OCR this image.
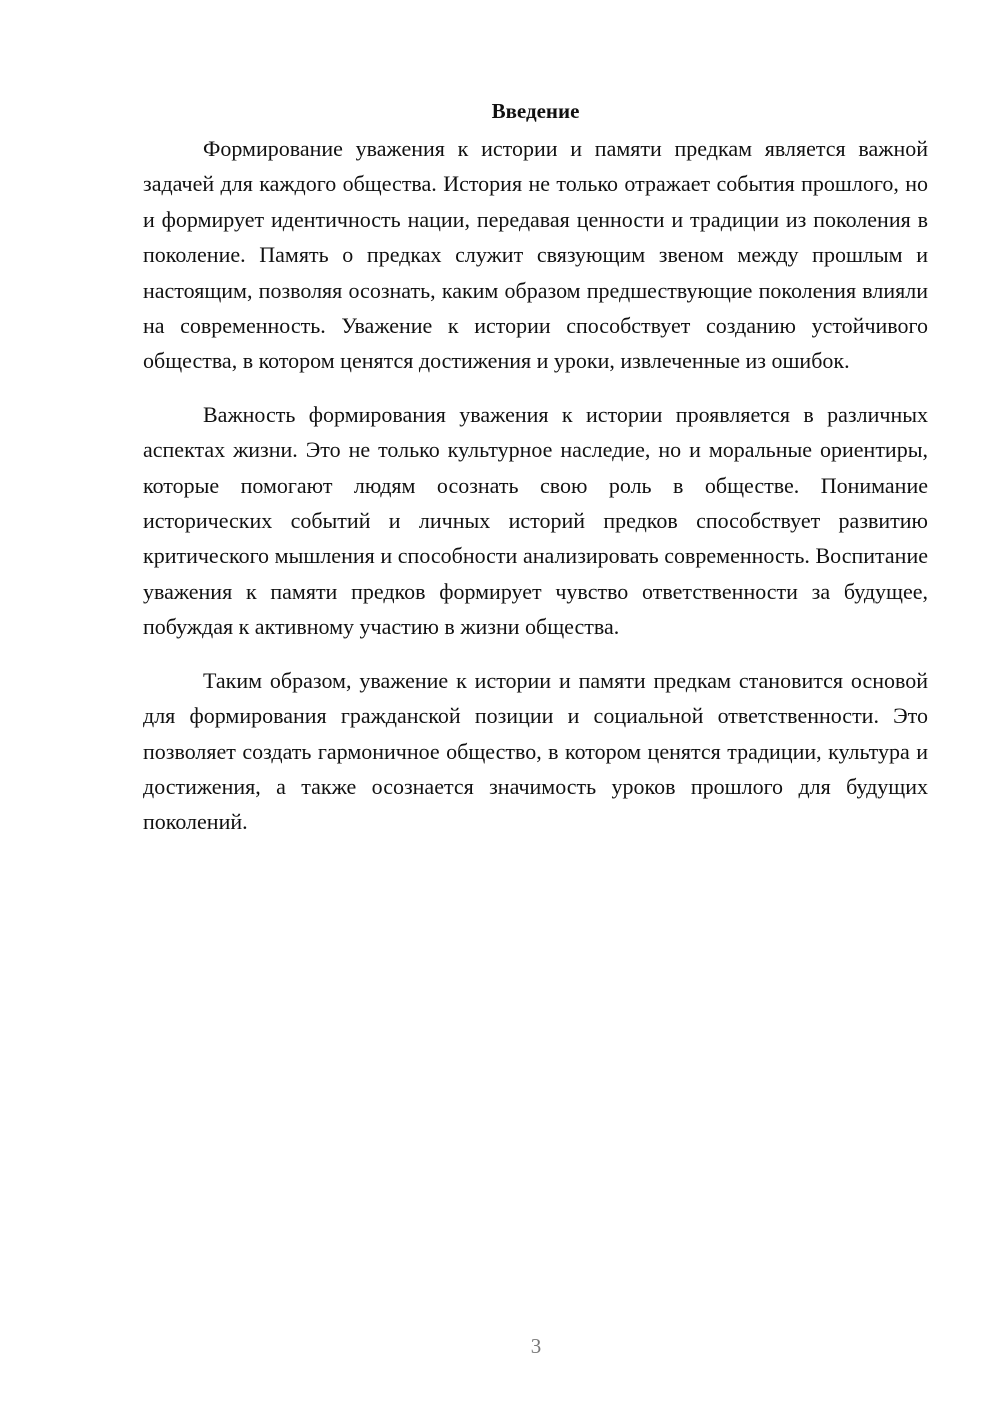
Введение

Формирование уважения к истории и памяти предкам является важной задачей для каждого общества. История не только отражает события прошлого, но и формирует идентичность нации, передавая ценности и традиции из поколения в поколение. Память о предках служит связующим звеном между прошлым и настоящим, позволяя осознать, каким образом предшествующие поколения влияли на современность. Уважение к истории способствует созданию устойчивого общества, в котором ценятся достижения и уроки, извлеченные из ошибок.

Важность формирования уважения к истории проявляется в различных аспектах жизни. Это не только культурное наследие, но и моральные ориентиры, которые помогают людям осознать свою роль в обществе. Понимание исторических событий и личных историй предков способствует развитию критического мышления и способности анализировать современность. Воспитание уважения к памяти предков формирует чувство ответственности за будущее, побуждая к активному участию в жизни общества.

Таким образом, уважение к истории и памяти предкам становится основой для формирования гражданской позиции и социальной ответственности. Это позволяет создать гармоничное общество, в котором ценятся традиции, культура и достижения, а также осознается значимость уроков прошлого для будущих поколений.

3
